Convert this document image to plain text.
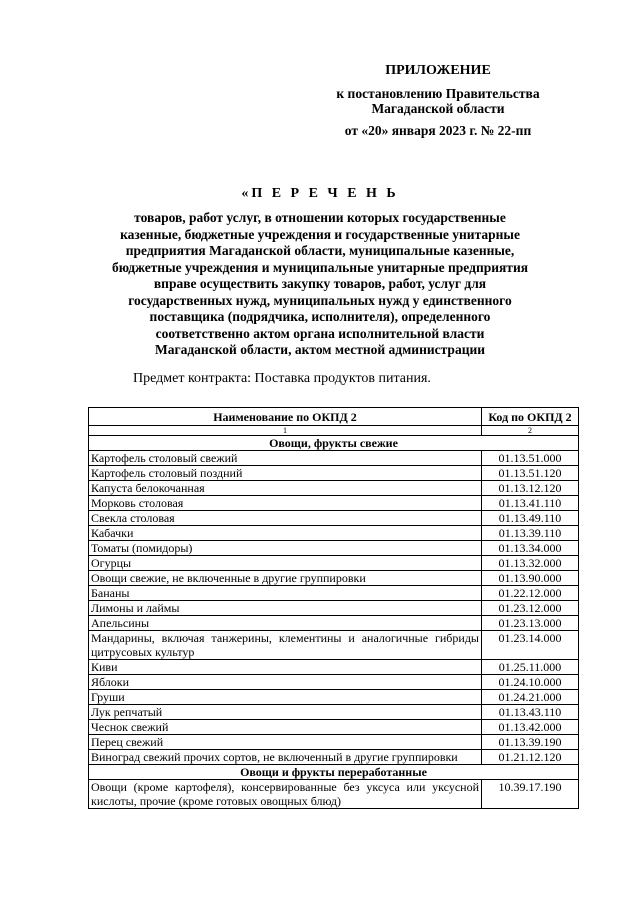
ПРИЛОЖЕНИЕ
к постановлению Правительства
Магаданской области
от «20» января 2023 г. № 22-пп
«П Е Р Е Ч Е Н Ь
товаров, работ услуг, в отношении которых государственные
казенные, бюджетные учреждения и государственные унитарные
предприятия Магаданской области, муниципальные казенные,
бюджетные учреждения и муниципальные унитарные предприятия
вправе осуществить закупку товаров, работ, услуг для
государственных нужд, муниципальных нужд у единственного
поставщика (подрядчика, исполнителя), определенного
соответственно актом органа исполнительной власти
Магаданской области, актом местной администрации
Предмет контракта: Поставка продуктов питания.
Наименование по ОКПД 2	Код по ОКПД 2
1	2
Овощи, фрукты свежие	
Картофель столовый свежий	01.13.51.000
Картофель столовый поздний	01.13.51.120
Капуста белокочанная	01.13.12.120
Морковь столовая	01.13.41.110
Свекла столовая	01.13.49.110
Кабачки	01.13.39.110
Томаты (помидоры)	01.13.34.000
Огурцы	01.13.32.000
Овощи свежие, не включенные в другие группировки	01.13.90.000
Бананы	01.22.12.000
Лимоны и лаймы	01.23.12.000
Апельсины	01.23.13.000
Мандарины, включая танжерины, клементины и аналогичные гибриды цитрусовых культур	01.23.14.000
Киви	01.25.11.000
Яблоки	01.24.10.000
Груши	01.24.21.000
Лук репчатый	01.13.43.110
Чеснок свежий	01.13.42.000
Перец свежий	01.13.39.190
Виноград свежий прочих сортов, не включенный в другие группировки	01.21.12.120
Овощи и фрукты переработанные	
Овощи (кроме картофеля), консервированные без уксуса или уксусной кислоты, прочие (кроме готовых овощных блюд)	10.39.17.190
